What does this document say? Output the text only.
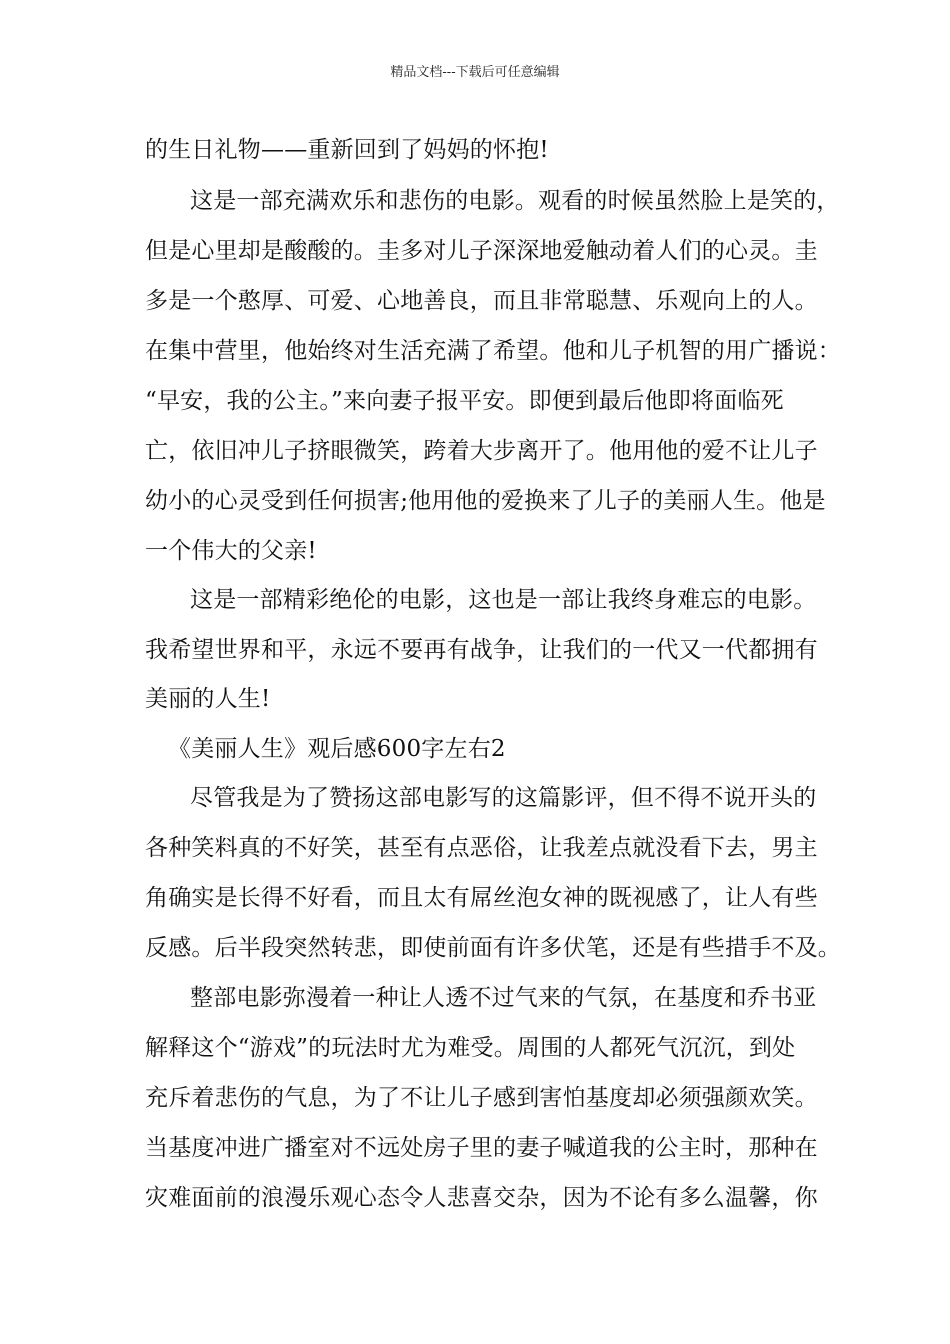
精品文档---下载后可任意编辑
的生日礼物——重新回到了妈妈的怀抱!
这是一部充满欢乐和悲伤的电影。观看的时候虽然脸上是笑的，
但是心里却是酸酸的。圭多对儿子深深地爱触动着人们的心灵。圭
多是一个憨厚、可爱、心地善良，而且非常聪慧、乐观向上的人。
在集中营里，他始终对生活充满了希望。他和儿子机智的用广播说：
“早安，我的公主。”来向妻子报平安。即便到最后他即将面临死
亡，依旧冲儿子挤眼微笑，跨着大步离开了。他用他的爱不让儿子
幼小的心灵受到任何损害;他用他的爱换来了儿子的美丽人生。他是
一个伟大的父亲!
这是一部精彩绝伦的电影，这也是一部让我终身难忘的电影。
我希望世界和平，永远不要再有战争，让我们的一代又一代都拥有
美丽的人生!
《美丽人生》观后感600字左右2
尽管我是为了赞扬这部电影写的这篇影评，但不得不说开头的
各种笑料真的不好笑，甚至有点恶俗，让我差点就没看下去，男主
角确实是长得不好看，而且太有屌丝泡女神的既视感了，让人有些
反感。后半段突然转悲，即使前面有许多伏笔，还是有些措手不及。
整部电影弥漫着一种让人透不过气来的气氛，在基度和乔书亚
解释这个“游戏”的玩法时尤为难受。周围的人都死气沉沉，到处
充斥着悲伤的气息，为了不让儿子感到害怕基度却必须强颜欢笑。
当基度冲进广播室对不远处房子里的妻子喊道我的公主时，那种在
灾难面前的浪漫乐观心态令人悲喜交杂，因为不论有多么温馨，你
